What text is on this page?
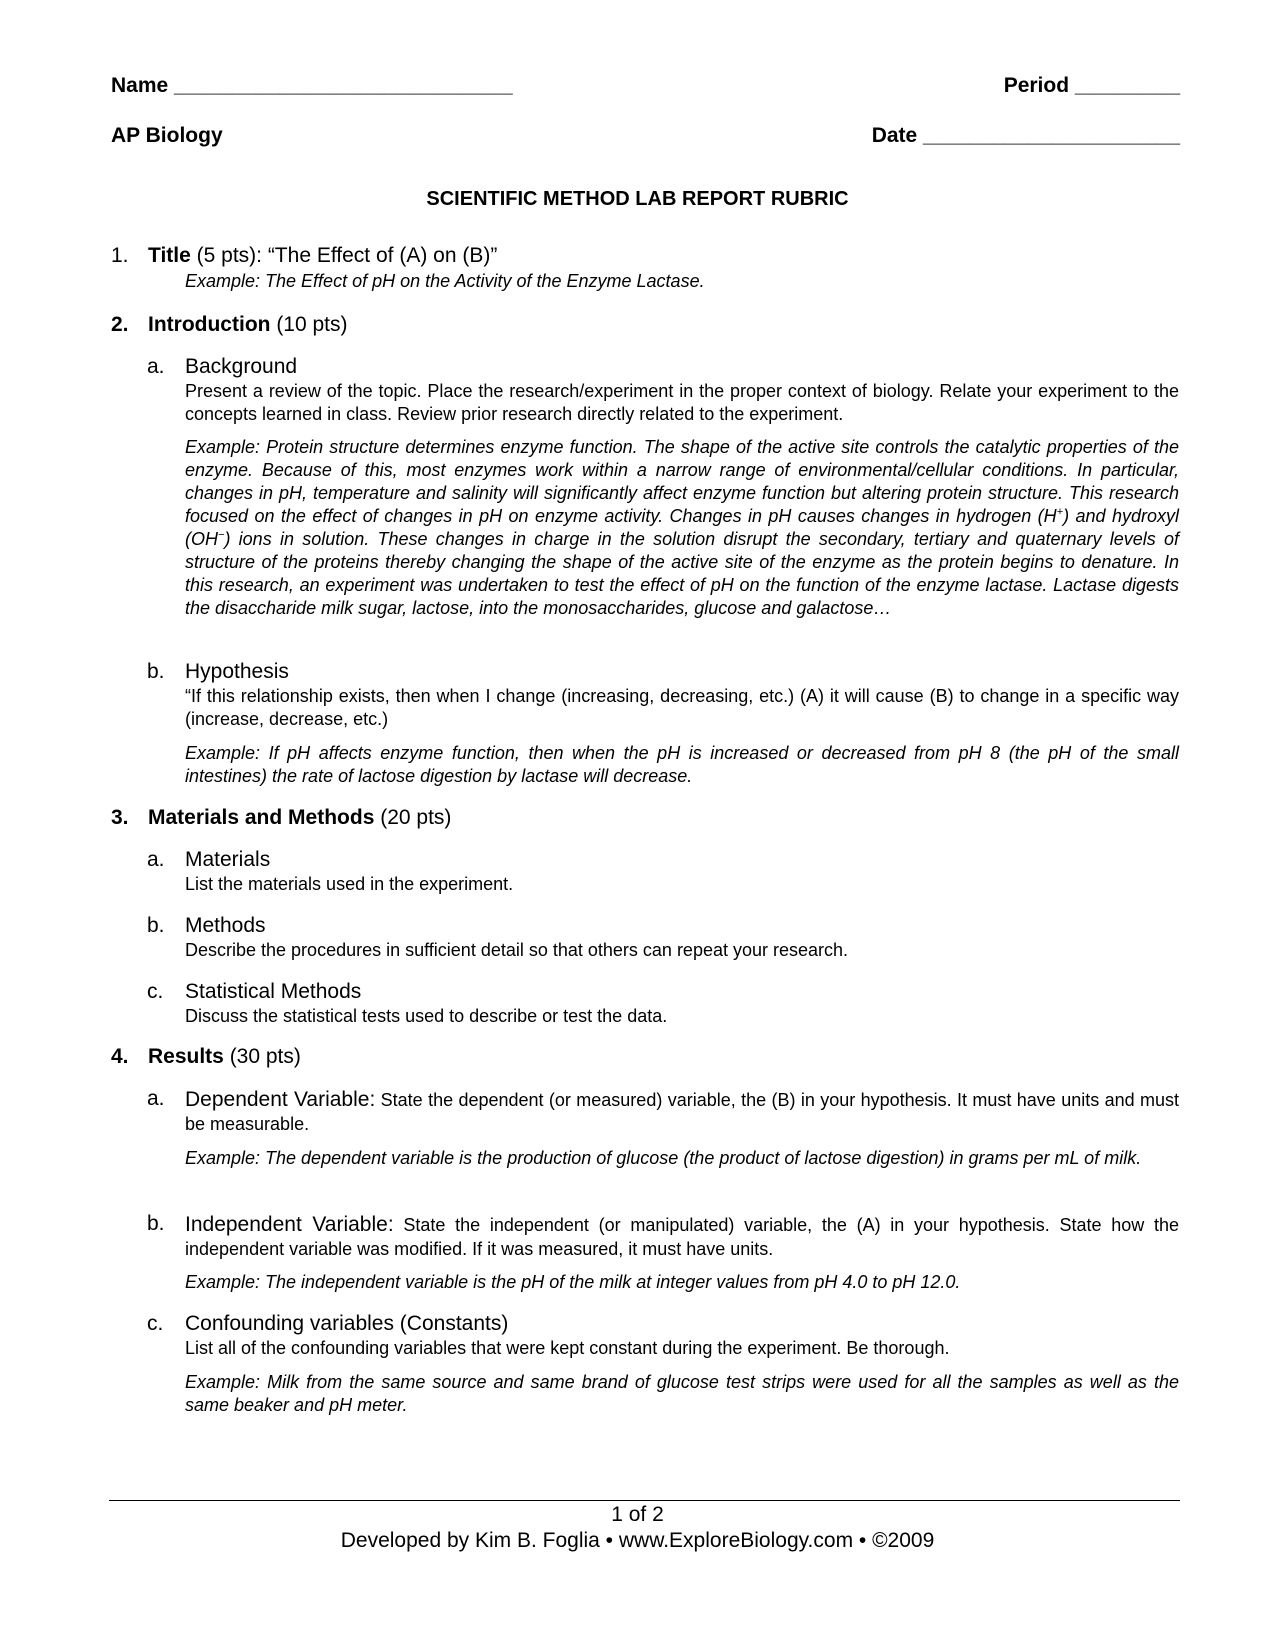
Name _____________________________	Period _________
AP Biology	Date ______________________
SCIENTIFIC METHOD LAB REPORT RUBRIC
1. Title (5 pts): “The Effect of (A) on (B)”
Example: The Effect of pH on the Activity of the Enzyme Lactase.
2. Introduction (10 pts)
a. Background
Present a review of the topic. Place the research/experiment in the proper context of biology. Relate your experiment to the concepts learned in class. Review prior research directly related to the experiment.
Example: Protein structure determines enzyme function. The shape of the active site controls the catalytic properties of the enzyme. Because of this, most enzymes work within a narrow range of environmental/cellular conditions. In particular, changes in pH, temperature and salinity will significantly affect enzyme function but altering protein structure. This research focused on the effect of changes in pH on enzyme activity. Changes in pH causes changes in hydrogen (H+) and hydroxyl (OH−) ions in solution. These changes in charge in the solution disrupt the secondary, tertiary and quaternary levels of structure of the proteins thereby changing the shape of the active site of the enzyme as the protein begins to denature. In this research, an experiment was undertaken to test the effect of pH on the function of the enzyme lactase. Lactase digests the disaccharide milk sugar, lactose, into the monosaccharides, glucose and galactose…
b. Hypothesis
“If this relationship exists, then when I change (increasing, decreasing, etc.) (A) it will cause (B) to change in a specific way (increase, decrease, etc.)
Example: If pH affects enzyme function, then when the pH is increased or decreased from pH 8 (the pH of the small intestines) the rate of lactose digestion by lactase will decrease.
3. Materials and Methods (20 pts)
a. Materials
List the materials used in the experiment.
b. Methods
Describe the procedures in sufficient detail so that others can repeat your research.
c. Statistical Methods
Discuss the statistical tests used to describe or test the data.
4. Results (30 pts)
a. Dependent Variable: State the dependent (or measured) variable, the (B) in your hypothesis. It must have units and must be measurable.
Example: The dependent variable is the production of glucose (the product of lactose digestion) in grams per mL of milk.
b. Independent Variable: State the independent (or manipulated) variable, the (A) in your hypothesis. State how the independent variable was modified. If it was measured, it must have units.
Example: The independent variable is the pH of the milk at integer values from pH 4.0 to pH 12.0.
c. Confounding variables (Constants)
List all of the confounding variables that were kept constant during the experiment. Be thorough.
Example: Milk from the same source and same brand of glucose test strips were used for all the samples as well as the same beaker and pH meter.
1 of 2
Developed by Kim B. Foglia • www.ExploreBiology.com • ©2009
